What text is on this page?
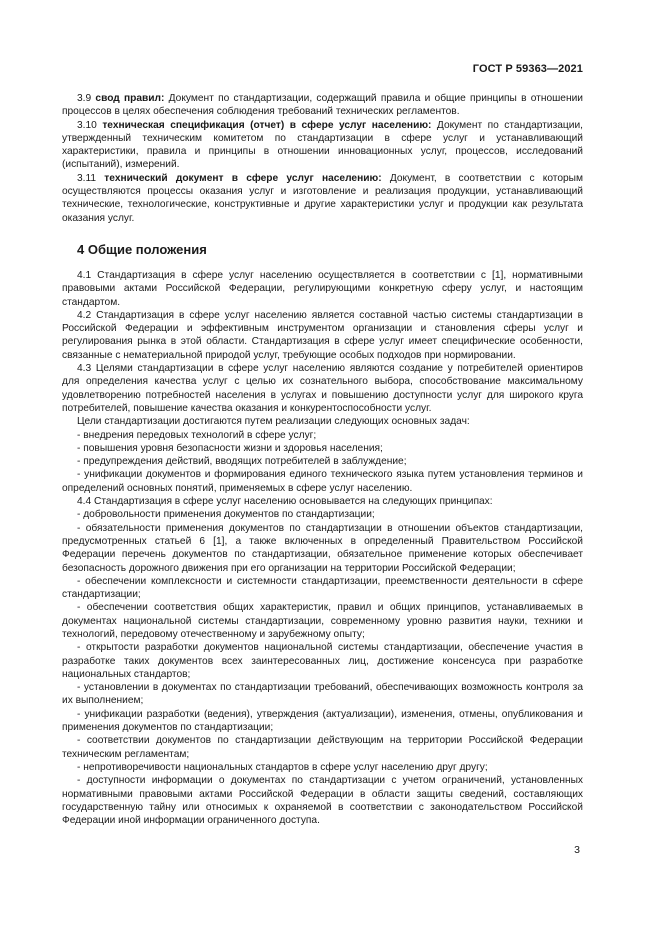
ГОСТ Р 59363—2021

3.9 свод правил: Документ по стандартизации, содержащий правила и общие принципы в отношении процессов в целях обеспечения соблюдения требований технических регламентов.

3.10 техническая спецификация (отчет) в сфере услуг населению: Документ по стандартизации, утвержденный техническим комитетом по стандартизации в сфере услуг и устанавливающий характеристики, правила и принципы в отношении инновационных услуг, процессов, исследований (испытаний), измерений.

3.11 технический документ в сфере услуг населению: Документ, в соответствии с которым осуществляются процессы оказания услуг и изготовление и реализация продукции, устанавливающий технические, технологические, конструктивные и другие характеристики услуг и продукции как результата оказания услуг.

4 Общие положения

4.1 Стандартизация в сфере услуг населению осуществляется в соответствии с [1], нормативными правовыми актами Российской Федерации, регулирующими конкретную сферу услуг, и настоящим стандартом.

4.2 Стандартизация в сфере услуг населению является составной частью системы стандартизации в Российской Федерации и эффективным инструментом организации и становления сферы услуг и регулирования рынка в этой области. Стандартизация в сфере услуг имеет специфические особенности, связанные с нематериальной природой услуг, требующие особых подходов при нормировании.

4.3 Целями стандартизации в сфере услуг населению являются создание у потребителей ориентиров для определения качества услуг с целью их сознательного выбора, способствование максимальному удовлетворению потребностей населения в услугах и повышению доступности услуг для широкого круга потребителей, повышение качества оказания и конкурентоспособности услуг.

Цели стандартизации достигаются путем реализации следующих основных задач:

- внедрения передовых технологий в сфере услуг;

- повышения уровня безопасности жизни и здоровья населения;

- предупреждения действий, вводящих потребителей в заблуждение;

- унификации документов и формирования единого технического языка путем установления терминов и определений основных понятий, применяемых в сфере услуг населению.

4.4 Стандартизация в сфере услуг населению основывается на следующих принципах:

- добровольности применения документов по стандартизации;

- обязательности применения документов по стандартизации в отношении объектов стандартизации, предусмотренных статьей 6 [1], а также включенных в определенный Правительством Российской Федерации перечень документов по стандартизации, обязательное применение которых обеспечивает безопасность дорожного движения при его организации на территории Российской Федерации;

- обеспечении комплексности и системности стандартизации, преемственности деятельности в сфере стандартизации;

- обеспечении соответствия общих характеристик, правил и общих принципов, устанавливаемых в документах национальной системы стандартизации, современному уровню развития науки, техники и технологий, передовому отечественному и зарубежному опыту;

- открытости разработки документов национальной системы стандартизации, обеспечение участия в разработке таких документов всех заинтересованных лиц, достижение консенсуса при разработке национальных стандартов;

- установлении в документах по стандартизации требований, обеспечивающих возможность контроля за их выполнением;

- унификации разработки (ведения), утверждения (актуализации), изменения, отмены, опубликования и применения документов по стандартизации;

- соответствии документов по стандартизации действующим на территории Российской Федерации техническим регламентам;

- непротиворечивости национальных стандартов в сфере услуг населению друг другу;

- доступности информации о документах по стандартизации с учетом ограничений, установленных нормативными правовыми актами Российской Федерации в области защиты сведений, составляющих государственную тайну или относимых к охраняемой в соответствии с законодательством Российской Федерации иной информации ограниченного доступа.

3
